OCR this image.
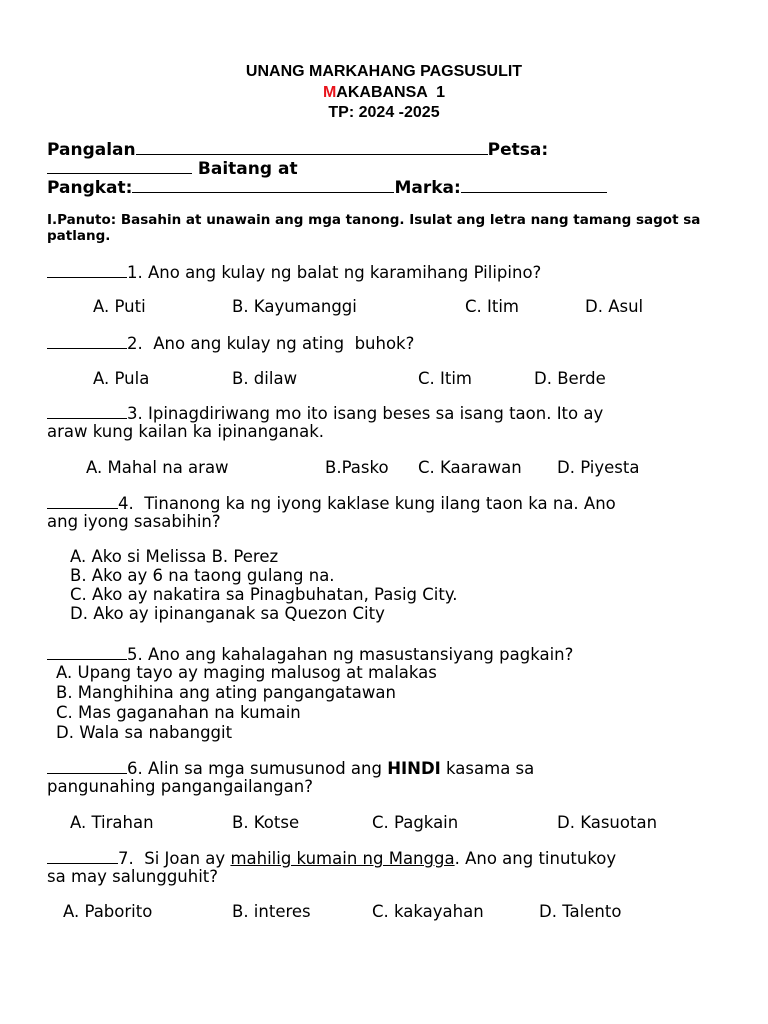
UNANG MARKAHANG PAGSUSULIT
MAKABANSA  1
TP: 2024 -2025
Pangalan	Petsa:
Baitang at
Pangkat:	Marka:
I.Panuto: Basahin at unawain ang mga tanong. Isulat ang letra nang tamang sagot sa patlang.
1. Ano ang kulay ng balat ng karamihang Pilipino?
A. Puti	B. Kayumanggi	C. Itim	D. Asul
2.  Ano ang kulay ng ating  buhok?
A. Pula	B. dilaw	C. Itim	D. Berde
3. Ipinagdiriwang mo ito isang beses sa isang taon. Ito ay
araw kung kailan ka ipinanganak.
A. Mahal na araw	B.Pasko C. Kaarawan D. Piyesta
4.  Tinanong ka ng iyong kaklase kung ilang taon ka na. Ano
ang iyong sasabihin?
A. Ako si Melissa B. Perez
B. Ako ay 6 na taong gulang na.
C. Ako ay nakatira sa Pinagbuhatan, Pasig City.
D. Ako ay ipinanganak sa Quezon City
5. Ano ang kahalagahan ng masustansiyang pagkain?
A. Upang tayo ay maging malusog at malakas
B. Manghihina ang ating pangangatawan
C. Mas gaganahan na kumain
D. Wala sa nabanggit
6. Alin sa mga sumusunod ang HINDI kasama sa
pangunahing pangangailangan?
A. Tirahan	B. Kotse	C. Pagkain	D. Kasuotan
7.  Si Joan ay mahilig kumain ng Mangga. Ano ang tinutukoy
sa may salungguhit?
A. Paborito	B. interes	C. kakayahan	D. Talento
